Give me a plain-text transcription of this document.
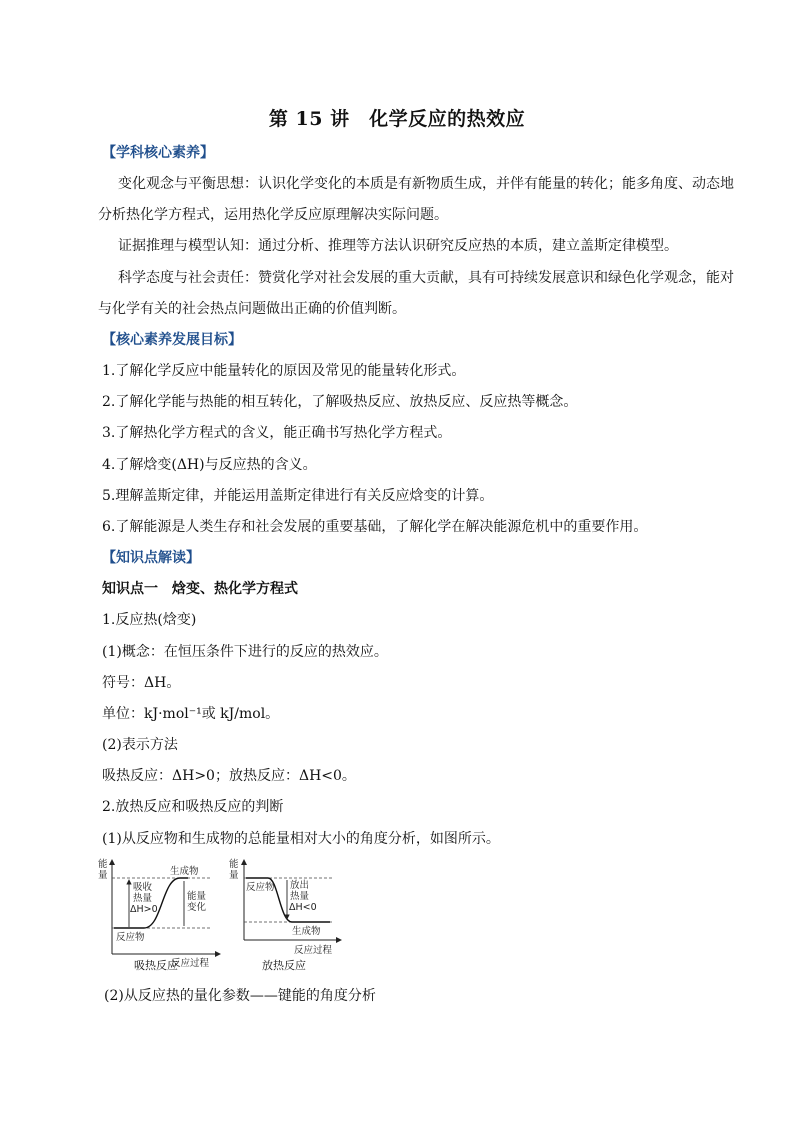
第 15 讲　化学反应的热效应
【学科核心素养】
变化观念与平衡思想：认识化学变化的本质是有新物质生成，并伴有能量的转化；能多角度、动态地
分析热化学方程式，运用热化学反应原理解决实际问题。
证据推理与模型认知：通过分析、推理等方法认识研究反应热的本质，建立盖斯定律模型。
科学态度与社会责任：赞赏化学对社会发展的重大贡献，具有可持续发展意识和绿色化学观念，能对
与化学有关的社会热点问题做出正确的价值判断。
【核心素养发展目标】
1.了解化学反应中能量转化的原因及常见的能量转化形式。
2.了解化学能与热能的相互转化，了解吸热反应、放热反应、反应热等概念。
3.了解热化学方程式的含义，能正确书写热化学方程式。
4.了解焓变(ΔH)与反应热的含义。
5.理解盖斯定律，并能运用盖斯定律进行有关反应焓变的计算。
6.了解能源是人类生存和社会发展的重要基础，了解化学在解决能源危机中的重要作用。
【知识点解读】
知识点一　焓变、热化学方程式
1.反应热(焓变)
(1)概念：在恒压条件下进行的反应的热效应。
符号：ΔH。
单位：kJ·mol⁻¹或 kJ/mol。
(2)表示方法
吸热反应：ΔH>0；放热反应：ΔH<0。
2.放热反应和吸热反应的判断
(1)从反应物和生成物的总能量相对大小的角度分析，如图所示。
能
量	生成物
吸收
热量
ΔH>0
能量
变化
反应物
反应过程
吸热反应
能
量
反应物 放出
热量
ΔH<0
生成物
反应过程
放热反应
(2)从反应热的量化参数——键能的角度分析
